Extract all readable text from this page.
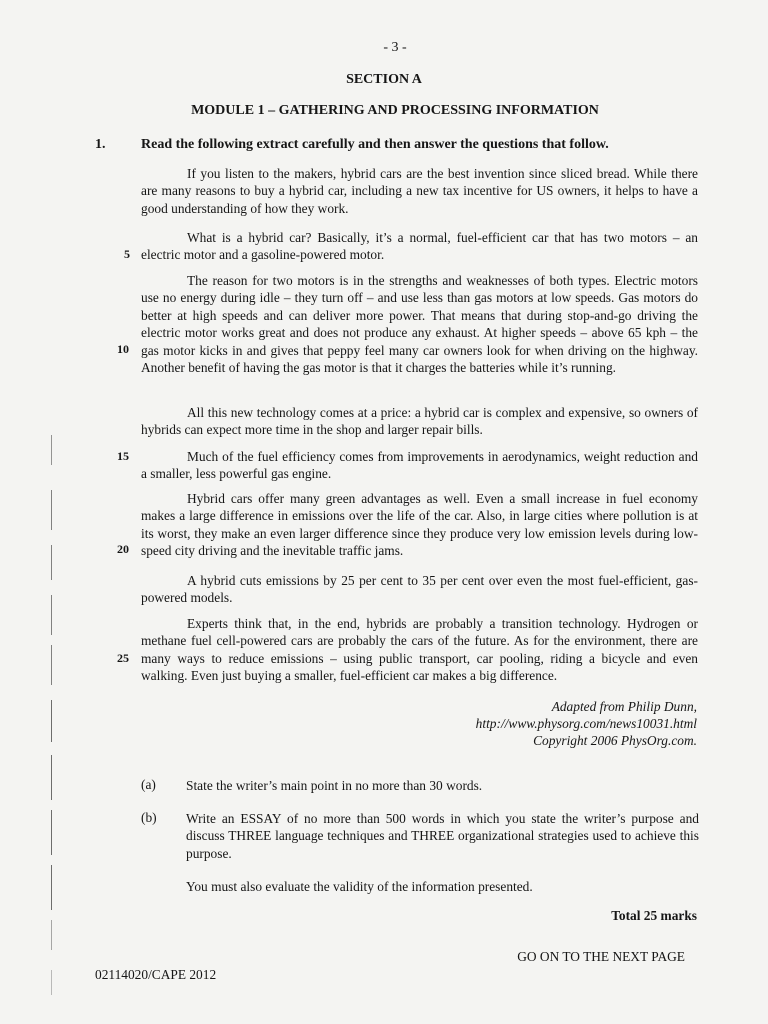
- 3 -
SECTION A
MODULE 1 – GATHERING AND PROCESSING INFORMATION
1.	Read the following extract carefully and then answer the questions that follow.
If you listen to the makers, hybrid cars are the best invention since sliced bread. While there are many reasons to buy a hybrid car, including a new tax incentive for US owners, it helps to have a good understanding of how they work.
What is a hybrid car? Basically, it’s a normal, fuel-efficient car that has two motors – an electric motor and a gasoline-powered motor.
The reason for two motors is in the strengths and weaknesses of both types. Electric motors use no energy during idle – they turn off – and use less than gas motors at low speeds. Gas motors do better at high speeds and can deliver more power. That means that during stop-and-go driving the electric motor works great and does not produce any exhaust. At higher speeds – above 65 kph – the gas motor kicks in and gives that peppy feel many car owners look for when driving on the highway. Another benefit of having the gas motor is that it charges the batteries while it’s running.
All this new technology comes at a price: a hybrid car is complex and expensive, so owners of hybrids can expect more time in the shop and larger repair bills.
Much of the fuel efficiency comes from improvements in aerodynamics, weight reduction and a smaller, less powerful gas engine.
Hybrid cars offer many green advantages as well. Even a small increase in fuel economy makes a large difference in emissions over the life of the car. Also, in large cities where pollution is at its worst, they make an even larger difference since they produce very low emission levels during low-speed city driving and the inevitable traffic jams.
A hybrid cuts emissions by 25 per cent to 35 per cent over even the most fuel-efficient, gas-powered models.
Experts think that, in the end, hybrids are probably a transition technology. Hydrogen or methane fuel cell-powered cars are probably the cars of the future. As for the environment, there are many ways to reduce emissions – using public transport, car pooling, riding a bicycle and even walking. Even just buying a smaller, fuel-efficient car makes a big difference.
5
10
15
20
25
Adapted from Philip Dunn,
http://www.physorg.com/news10031.html
Copyright 2006 PhysOrg.com.
(a) State the writer’s main point in no more than 30 words.
(b) Write an ESSAY of no more than 500 words in which you state the writer’s purpose and discuss THREE language techniques and THREE organizational strategies used to achieve this purpose.
You must also evaluate the validity of the information presented.
Total 25 marks
GO ON TO THE NEXT PAGE
02114020/CAPE 2012
